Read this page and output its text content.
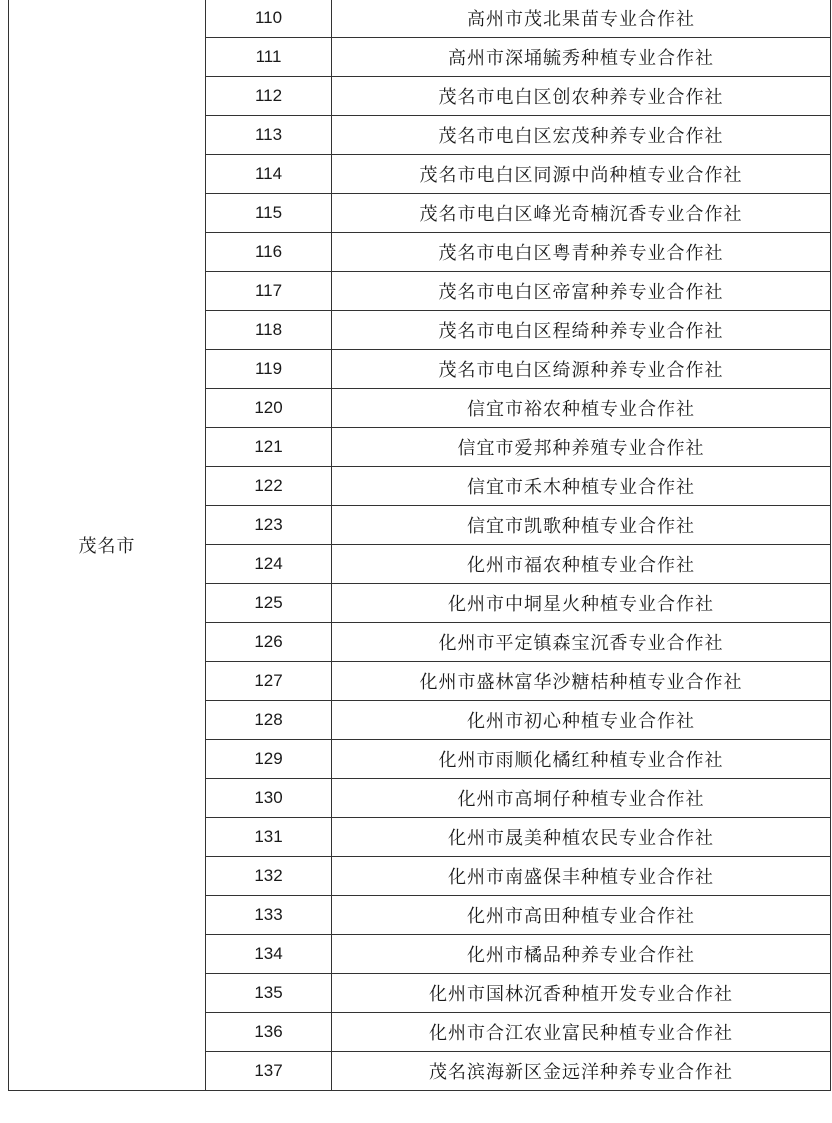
茂名市	110	高州市茂北果苗专业合作社
	111	高州市深埇毓秀种植专业合作社
	112	茂名市电白区创农种养专业合作社
	113	茂名市电白区宏茂种养专业合作社
	114	茂名市电白区同源中尚种植专业合作社
	115	茂名市电白区峰光奇楠沉香专业合作社
	116	茂名市电白区粤青种养专业合作社
	117	茂名市电白区帝富种养专业合作社
	118	茂名市电白区程绮种养专业合作社
	119	茂名市电白区绮源种养专业合作社
	120	信宜市裕农种植专业合作社
	121	信宜市爱邦种养殖专业合作社
	122	信宜市禾木种植专业合作社
	123	信宜市凯歌种植专业合作社
	124	化州市福农种植专业合作社
	125	化州市中垌星火种植专业合作社
	126	化州市平定镇森宝沉香专业合作社
	127	化州市盛林富华沙糖桔种植专业合作社
	128	化州市初心种植专业合作社
	129	化州市雨顺化橘红种植专业合作社
	130	化州市高垌仔种植专业合作社
	131	化州市晟美种植农民专业合作社
	132	化州市南盛保丰种植专业合作社
	133	化州市高田种植专业合作社
	134	化州市橘品种养专业合作社
	135	化州市国林沉香种植开发专业合作社
	136	化州市合江农业富民种植专业合作社
	137	茂名滨海新区金远洋种养专业合作社
